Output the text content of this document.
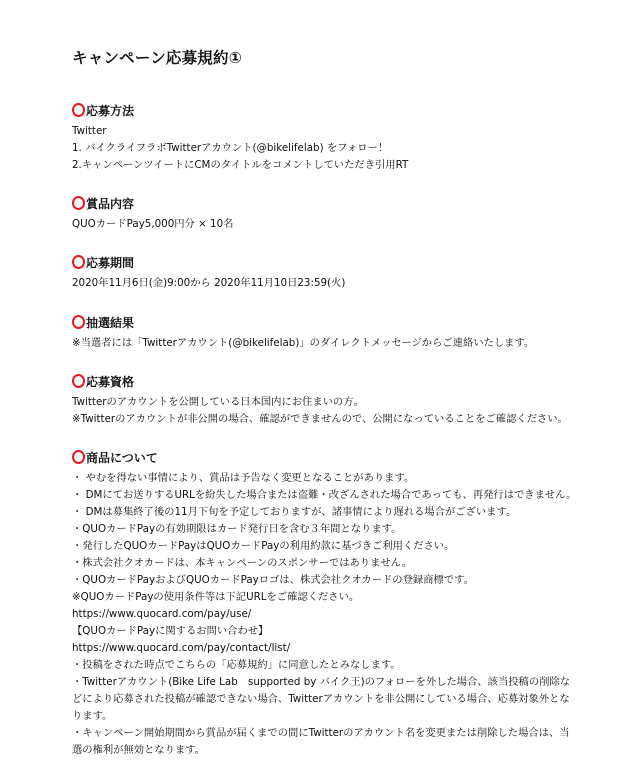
キャンペーン応募規約①
応募方法
Twitter
1. バイクライフラボTwitterアカウント(@bikelifelab) をフォロー！
2.キャンペーンツイートにCMのタイトルをコメントしていただき引用RT
賞品内容
QUOカードPay5,000円分 × 10名
応募期間
2020年11月6日(金)9:00から 2020年11月10日23:59(火)
抽選結果
※当選者には「Twitterアカウント(@bikelifelab)」のダイレクトメッセージからご連絡いたします。
応募資格
Twitterのアカウントを公開している日本国内にお住まいの方。
※Twitterのアカウントが非公開の場合、確認ができませんので、公開になっていることをご確認ください。
商品について
・ やむを得ない事情により、賞品は予告なく変更となることがあります。
・ DMにてお送りするURLを紛失した場合または盗難・改ざんされた場合であっても、再発行はできません。
・ DMは募集終了後の11月下旬を予定しておりますが、諸事情により遅れる場合がございます。
・QUOカードPayの有効期限はカード発行日を含む３年間となります。
・発行したQUOカードPayはQUOカードPayの利用約款に基づきご利用ください。
・株式会社クオカードは、本キャンペーンのスポンサーではありません。
・QUOカードPayおよびQUOカードPayロゴは、株式会社クオカードの登録商標です。
※QUOカードPayの使用条件等は下記URLをご確認ください。
https://www.quocard.com/pay/use/
【QUOカードPayに関するお問い合わせ】
https://www.quocard.com/pay/contact/list/
・投稿をされた時点でこちらの「応募規約」に同意したとみなします。
・Twitterアカウント(Bike Life Lab　supported by バイク王)のフォローを外した場合、該当投稿の削除などにより応募された投稿が確認できない場合、Twitterアカウントを非公開にしている場合、応募対象外となります。
・キャンペーン開始期間から賞品が届くまでの間にTwitterのアカウント名を変更または削除した場合は、当選の権利が無効となります。
